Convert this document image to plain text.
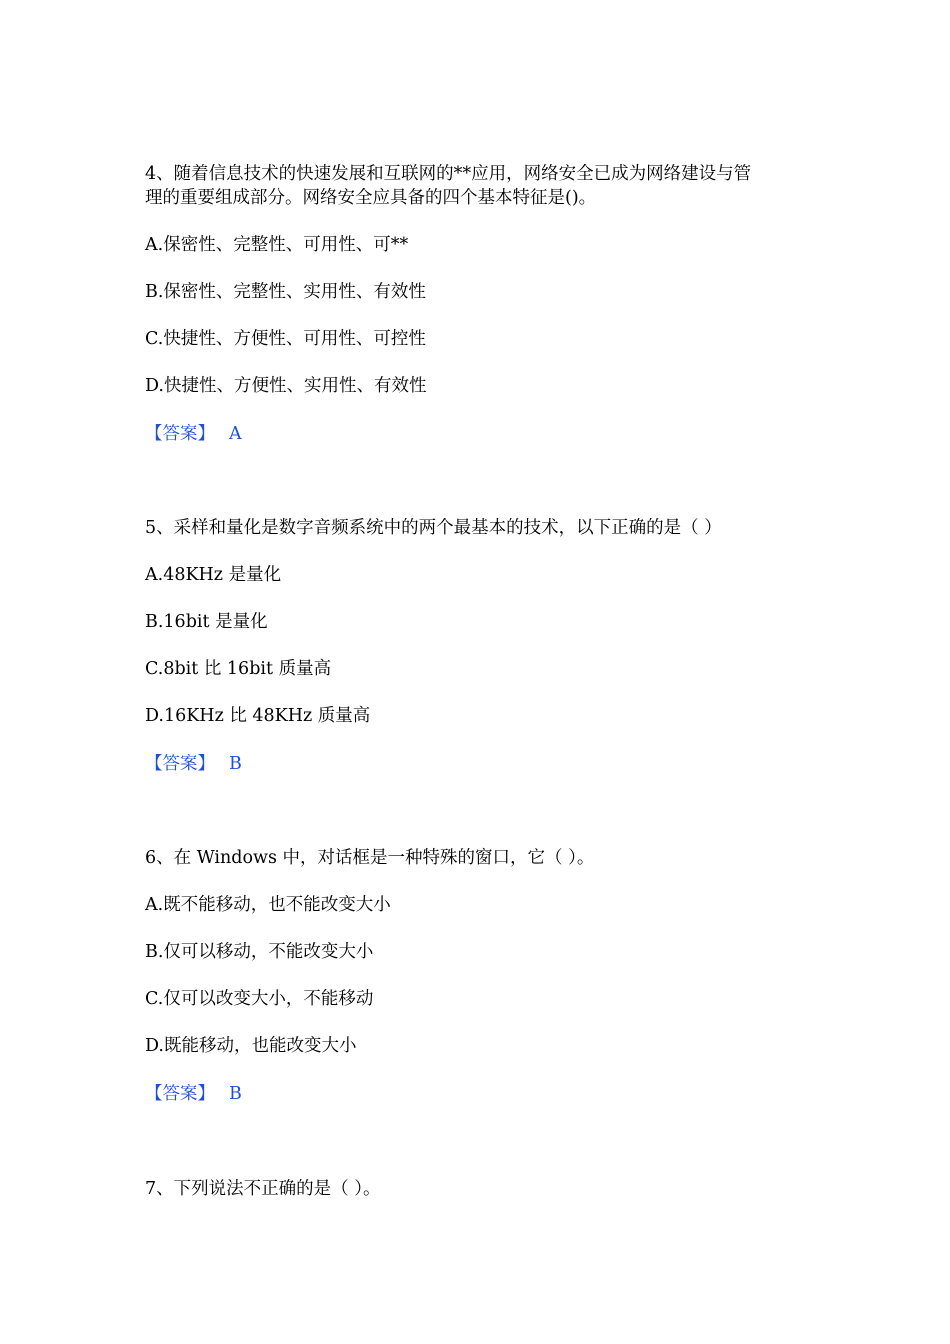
4、随着信息技术的快速发展和互联网的**应用，网络安全已成为网络建设与管
理的重要组成部分。网络安全应具备的四个基本特征是()。
A.保密性、完整性、可用性、可**
B.保密性、完整性、实用性、有效性
C.快捷性、方便性、可用性、可控性
D.快捷性、方便性、实用性、有效性
【答案】 A
5、采样和量化是数字音频系统中的两个最基本的技术，以下正确的是（ ）
A.48KHz 是量化
B.16bit 是量化
C.8bit 比 16bit 质量高
D.16KHz 比 48KHz 质量高
【答案】 B
6、在 Windows 中，对话框是一种特殊的窗口，它（ ）。
A.既不能移动，也不能改变大小
B.仅可以移动，不能改变大小
C.仅可以改变大小，不能移动
D.既能移动，也能改变大小
【答案】 B
7、下列说法不正确的是（ ）。
